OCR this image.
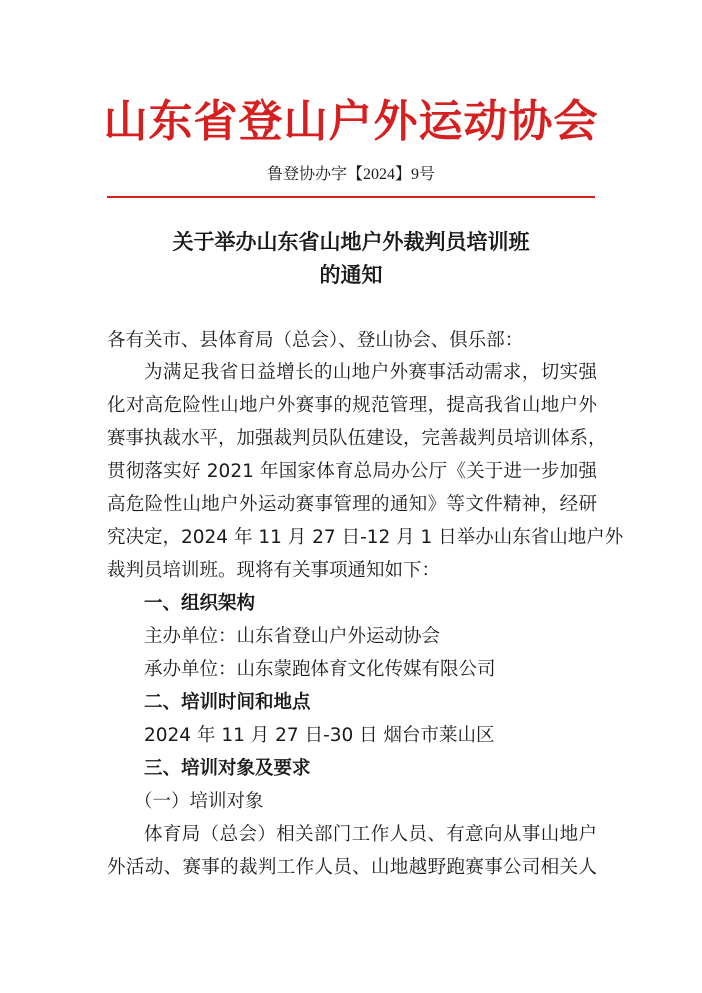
山东省登山户外运动协会
鲁登协办字【2024】9号
关于举办山东省山地户外裁判员培训班
的通知
各有关市、县体育局（总会）、登山协会、俱乐部：
为满足我省日益增长的山地户外赛事活动需求，切实强
化对高危险性山地户外赛事的规范管理，提高我省山地户外
赛事执裁水平，加强裁判员队伍建设，完善裁判员培训体系，
贯彻落实好 2021 年国家体育总局办公厅《关于进一步加强
高危险性山地户外运动赛事管理的通知》等文件精神，经研
究决定，2024 年 11 月 27 日-12 月 1 日举办山东省山地户外
裁判员培训班。现将有关事项通知如下：
一、组织架构
主办单位：山东省登山户外运动协会
承办单位：山东蒙跑体育文化传媒有限公司
二、培训时间和地点
2024 年 11 月 27 日-30 日 烟台市莱山区
三、培训对象及要求
（一）培训对象
体育局（总会）相关部门工作人员、有意向从事山地户
外活动、赛事的裁判工作人员、山地越野跑赛事公司相关人
